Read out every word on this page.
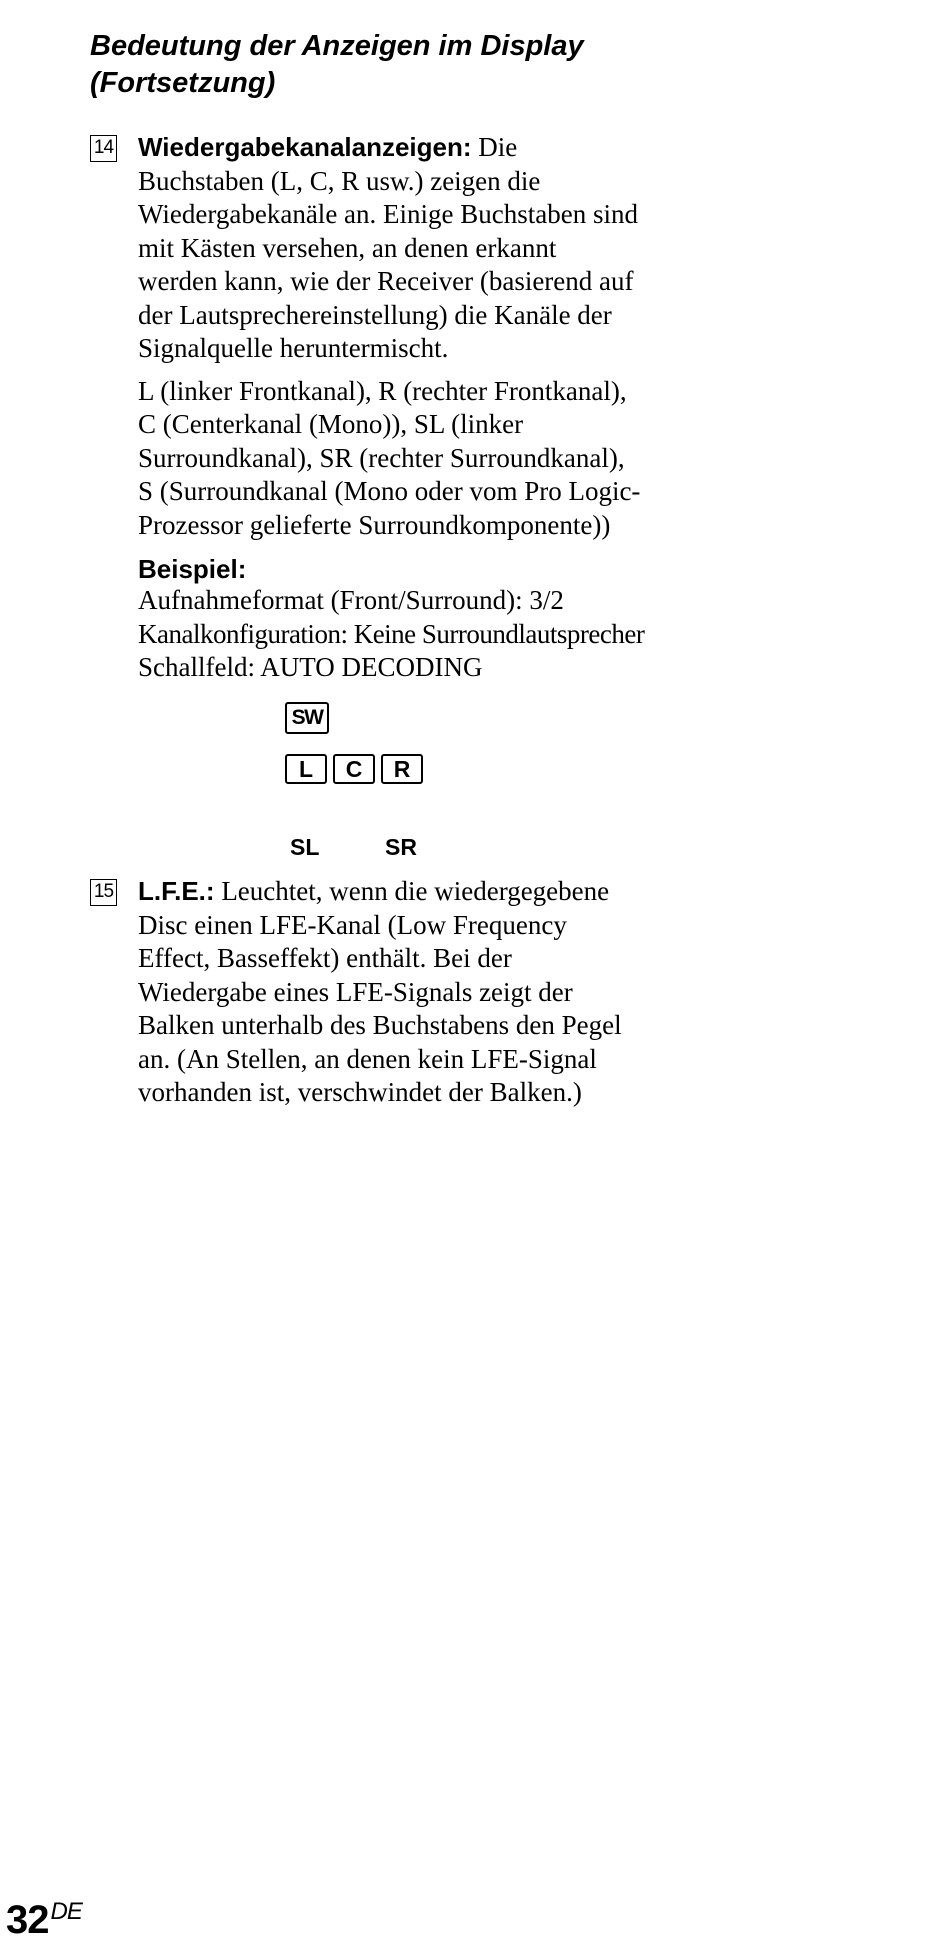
Bedeutung der Anzeigen im Display
(Fortsetzung)
14 Wiedergabekanalanzeigen: Die
Buchstaben (L, C, R usw.) zeigen die
Wiedergabekanäle an. Einige Buchstaben sind
mit Kästen versehen, an denen erkannt
werden kann, wie der Receiver (basierend auf
der Lautsprechereinstellung) die Kanäle der
Signalquelle heruntermischt.
L (linker Frontkanal), R (rechter Frontkanal),
C (Centerkanal (Mono)), SL (linker
Surroundkanal), SR (rechter Surroundkanal),
S (Surroundkanal (Mono oder vom Pro Logic-
Prozessor gelieferte Surroundkomponente))
Beispiel:
Aufnahmeformat (Front/Surround): 3/2
Kanalkonfiguration: Keine Surroundlautsprecher
Schallfeld: AUTO DECODING
SW
L	C	R
SL	SR
15 L.F.E.: Leuchtet, wenn die wiedergegebene
Disc einen LFE-Kanal (Low Frequency
Effect, Basseffekt) enthält. Bei der
Wiedergabe eines LFE-Signals zeigt der
Balken unterhalb des Buchstabens den Pegel
an. (An Stellen, an denen kein LFE-Signal
vorhanden ist, verschwindet der Balken.)
32DE
